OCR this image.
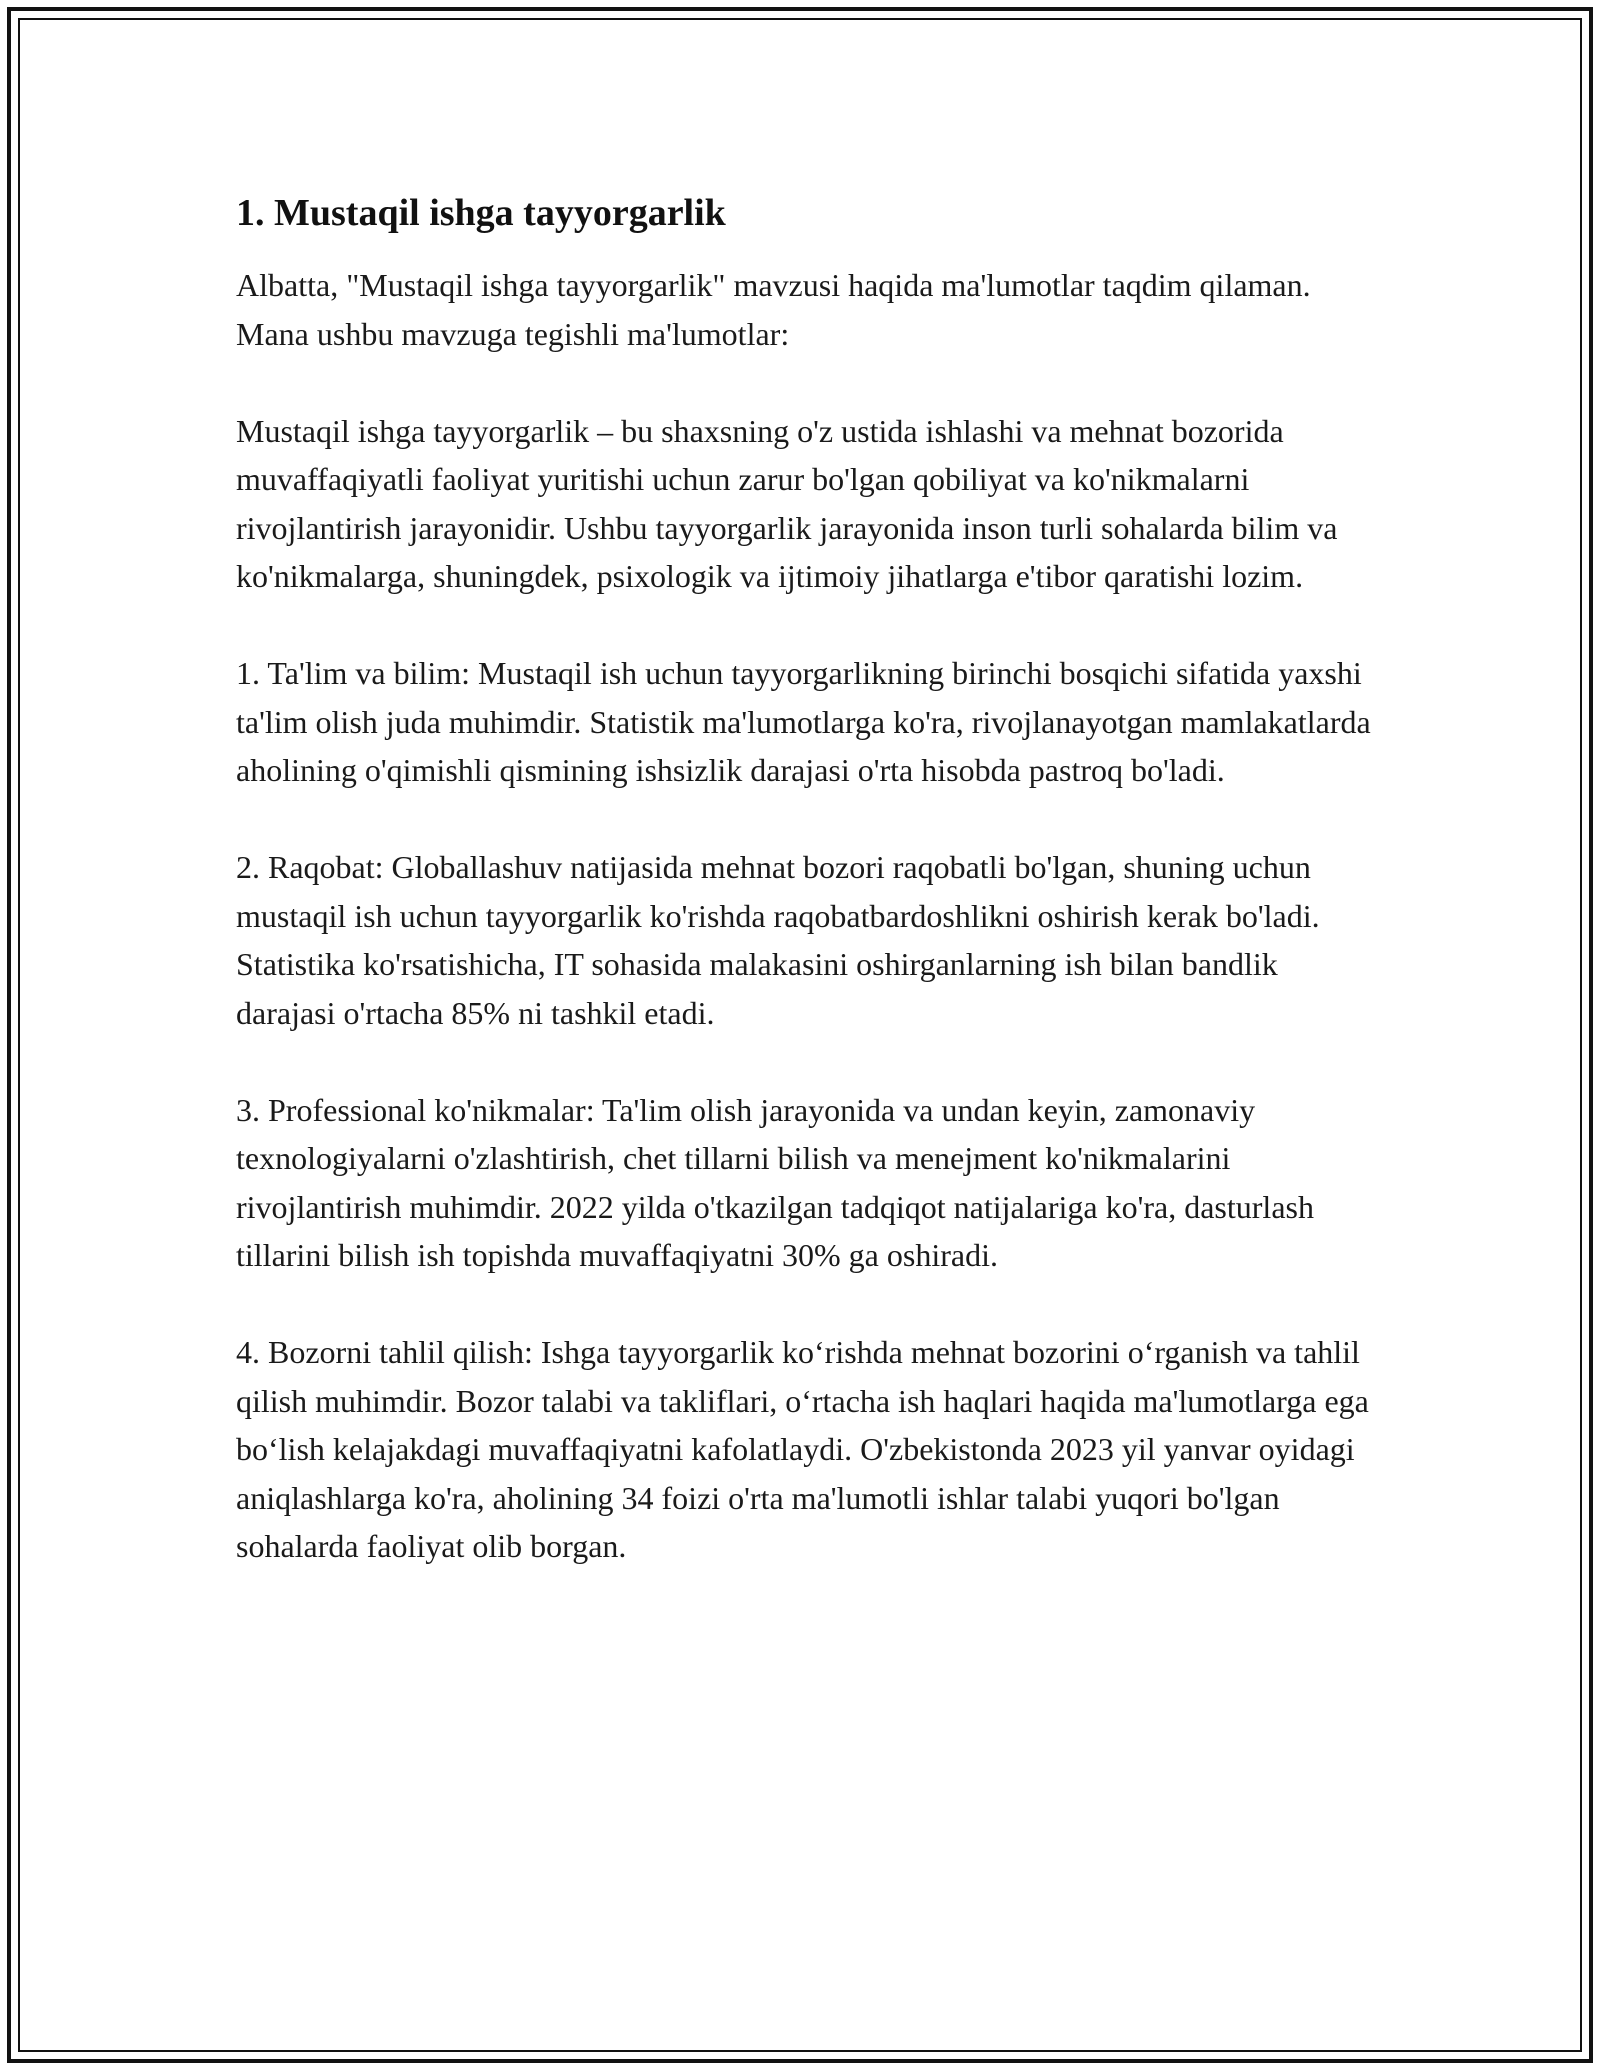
1. Mustaqil ishga tayyorgarlik

Albatta, "Mustaqil ishga tayyorgarlik" mavzusi haqida ma'lumotlar taqdim qilaman. Mana ushbu mavzuga tegishli ma'lumotlar:

Mustaqil ishga tayyorgarlik – bu shaxsning o'z ustida ishlashi va mehnat bozorida muvaffaqiyatli faoliyat yuritishi uchun zarur bo'lgan qobiliyat va ko'nikmalarni rivojlantirish jarayonidir. Ushbu tayyorgarlik jarayonida inson turli sohalarda bilim va ko'nikmalarga, shuningdek, psixologik va ijtimoiy jihatlarga e'tibor qaratishi lozim.

1. Ta'lim va bilim: Mustaqil ish uchun tayyorgarlikning birinchi bosqichi sifatida yaxshi ta'lim olish juda muhimdir. Statistik ma'lumotlarga ko'ra, rivojlanayotgan mamlakatlarda aholining o'qimishli qismining ishsizlik darajasi o'rta hisobda pastroq bo'ladi.

2. Raqobat: Globallashuv natijasida mehnat bozori raqobatli bo'lgan, shuning uchun mustaqil ish uchun tayyorgarlik ko'rishda raqobatbardoshlikni oshirish kerak bo'ladi. Statistika ko'rsatishicha, IT sohasida malakasini oshirganlarning ish bilan bandlik darajasi o'rtacha 85% ni tashkil etadi.

3. Professional ko'nikmalar: Ta'lim olish jarayonida va undan keyin, zamonaviy texnologiyalarni o'zlashtirish, chet tillarni bilish va menejment ko'nikmalarini rivojlantirish muhimdir. 2022 yilda o'tkazilgan tadqiqot natijalariga ko'ra, dasturlash tillarini bilish ish topishda muvaffaqiyatni 30% ga oshiradi.

4. Bozorni tahlil qilish: Ishga tayyorgarlik ko‘rishda mehnat bozorini o‘rganish va tahlil qilish muhimdir. Bozor talabi va takliflari, o‘rtacha ish haqlari haqida ma'lumotlarga ega bo‘lish kelajakdagi muvaffaqiyatni kafolatlaydi. O'zbekistonda 2023 yil yanvar oyidagi aniqlashlarga ko'ra, aholining 34 foizi o'rta ma'lumotli ishlar talabi yuqori bo'lgan sohalarda faoliyat olib borgan.
